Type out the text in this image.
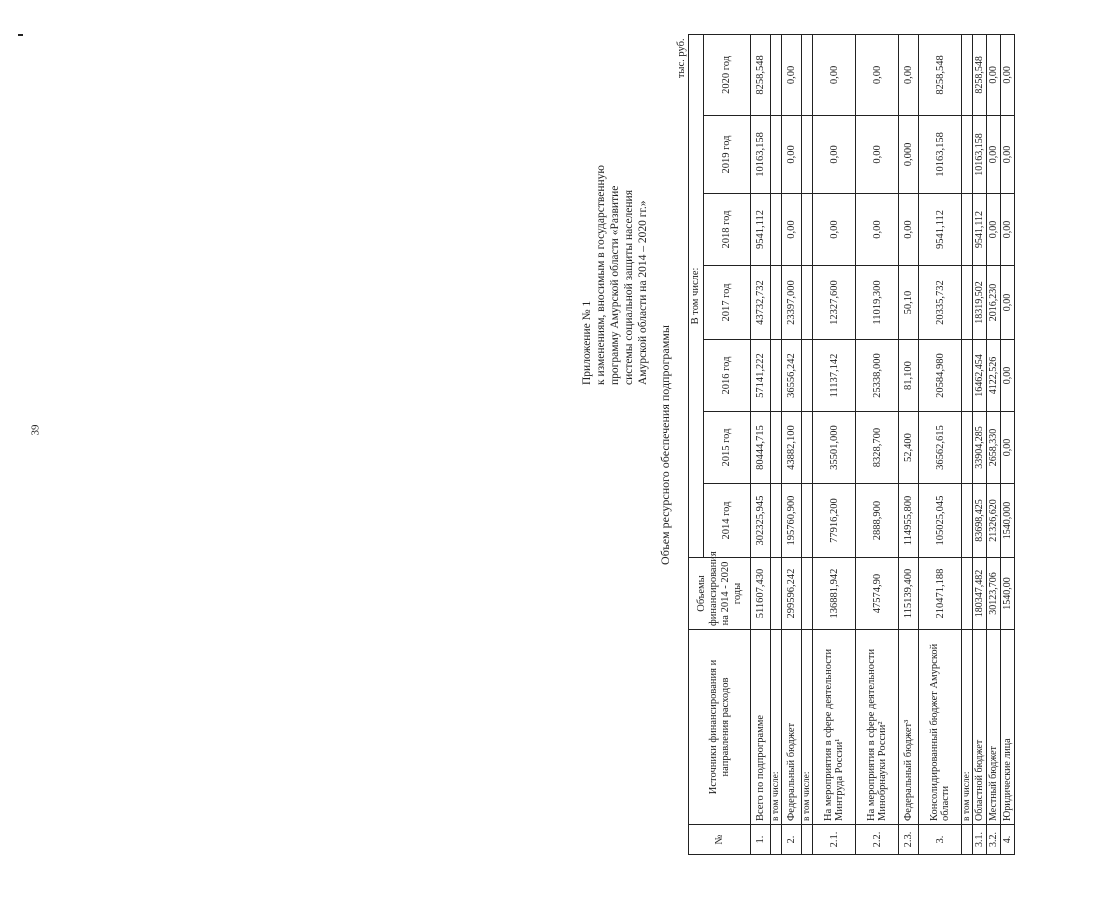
39

Приложение № 1 к изменениям, вносимым в государственную программу Амурской области «Развитие системы социальной защиты населения Амурской области на 2014 – 2020 гг.»

Объем ресурсного обеспечения подпрограммы
									тыс. руб.
№	Источники финансирования и направления расходов	Объемы финансирования на 2014 - 2020 годы	В том числе:						
			2014 год	2015 год	2016 год	2017 год	2018 год	2019 год	2020 год
1.	Всего по подпрограмме	511607,430	302325,945	80444,715	57141,222	43732,732	9541,112	10163,158	8258,548
	в том числе:								
2.	Федеральный бюджет	299596,242	195760,900	43882,100	36556,242	23397,000	0,00	0,00	0,00
	в том числе:								
2.1.	На мероприятия в сфере деятельности Минтруда России¹	136881,942	77916,200	35501,000	11137,142	12327,600	0,00	0,00	0,00
2.2.	На мероприятия в сфере деятельности Минобрнауки России²	47574,90	2888,900	8328,700	25338,000	11019,300	0,00	0,00	0,00
2.3.	Федеральный бюджет³	115139,400	114955,800	52,400	81,100	50,10	0,00	0,000	0,00
3.	Консолидированный бюджет Амурской области	210471,188	105025,045	36562,615	20584,980	20335,732	9541,112	10163,158	8258,548
	в том числе:								
3.1.	Областной бюджет	180347,482	83698,425	33904,285	16462,454	18319,502	9541,112	10163,158	8258,548
3.2.	Местный бюджет	30123,706	21326,620	2658,330	4122,526	2016,230	0,00	0,00	0,00
4.	Юридические лица	1540,00	1540,000	0,00	0,00	0,00	0,00	0,00	0,00
